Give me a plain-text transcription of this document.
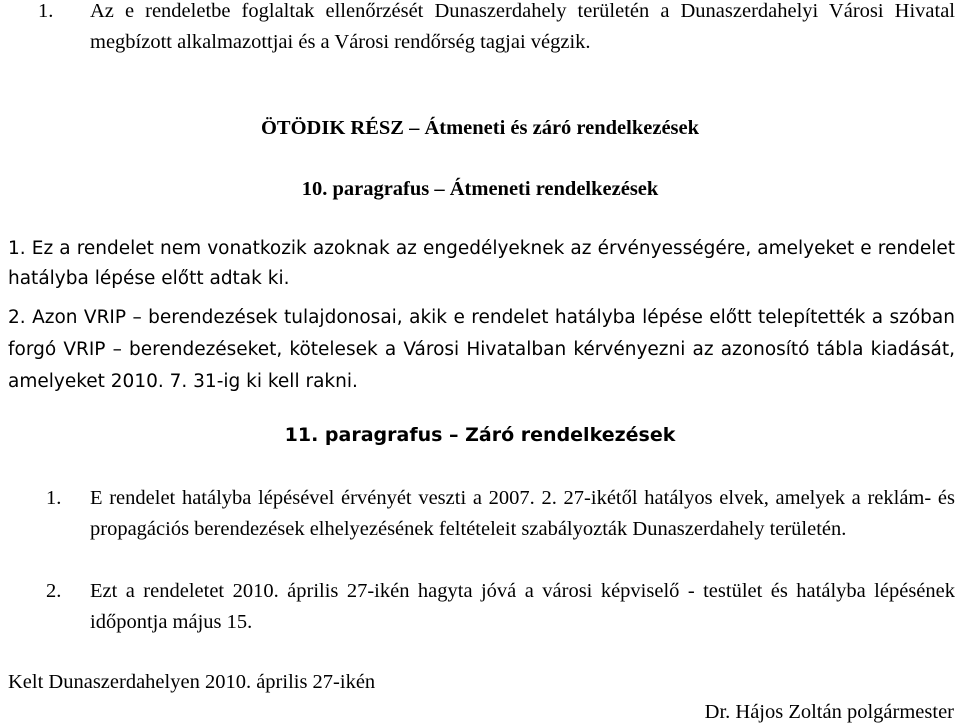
1.	Az e rendeletbe foglaltak ellenőrzését Dunaszerdahely területén a Dunaszerdahelyi Városi Hivatal megbízott alkalmazottjai és a Városi rendőrség tagjai végzik.
ÖTÖDIK RÉSZ – Átmeneti és záró rendelkezések
10. paragrafus – Átmeneti rendelkezések
1. Ez a rendelet nem vonatkozik azoknak az engedélyeknek az érvényességére, amelyeket e rendelet hatályba lépése előtt adtak ki.
2. Azon VRIP – berendezések tulajdonosai, akik e rendelet hatályba lépése előtt telepítették a szóban forgó VRIP – berendezéseket, kötelesek a Városi Hivatalban kérvényezni az azonosító tábla kiadását, amelyeket 2010. 7. 31-ig ki kell rakni.
11. paragrafus – Záró rendelkezések
1.	E rendelet hatályba lépésével érvényét veszti a 2007. 2. 27-ikétől hatályos elvek, amelyek a reklám- és propagációs berendezések elhelyezésének feltételeit szabályozták Dunaszerdahely területén.
2.	Ezt a rendeletet 2010. április 27-ikén hagyta jóvá a városi képviselő - testület és hatályba lépésének időpontja május 15.
Kelt Dunaszerdahelyen 2010. április 27-ikén
Dr. Hájos Zoltán polgármester
